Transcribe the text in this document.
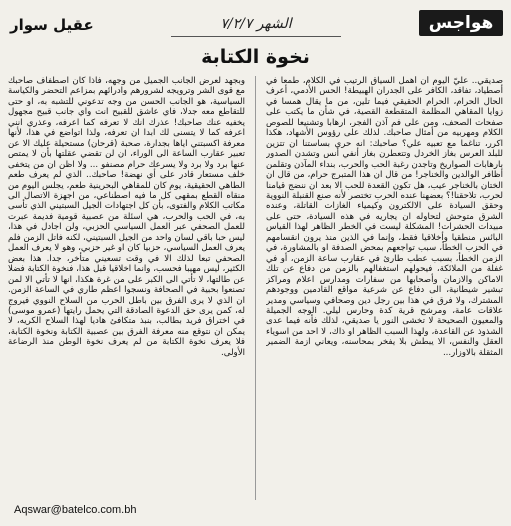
هواجس
الشهر ٧/٢/٧
عقيل سوار
نخوة الكتابة

صديقي.. عليّ اليوم أن أهمل السياق الرتيب في الكلام، طمعا في أصطياد، تفاقد، الكافر على الجدران الهبيطة! الحس الأدمي، أعرف الحال الحرام، الحرام الحقيقي فيما تلين، من ما يقال همسا في زوايا المقاهي المظلمة المتقطعة القصية، في شأن ما يكتب على صفحات الصحف، ومن على فم آذن الفجر، ارهابا وتشنيعا للصوص الكلام ومهربيه من أمثال صاحبك. لذلك على رؤوس الأشهاد، هكذا اكرر، تناغما مع تعبيه علي؟ صاحبك: انه حري بساستنا ان تتزين للبلد العرس بغاز الخردل وتتعطرن بغاز أنفي أنس وتشدن الصدور بارهابات الصواريخ وتاجدن رغبة الحب والحرب، بنداء المآذن وتقلمن أظافر الوالدين والخناجر! من قال ان هذا المتبرج حرام، من قال ان الختان بالخناجر عيب، هل تكون القعدة للحب الا بعد ان ننضج قيامنا لحرب، تلاحقنا!؟ بعضهنا عنده الحرب تختصر لأنه صنع القنبلة النووية وحقق السيادة على الالكترون وكيمياء الغازات القاتلة، وعنده الشرق متوحش لتحاوله ان يجاريه في هذه السيادة، حتى على مبيدات الحشرات! المشكلة ليست في الخطر الظاهر لهذا القياس البائس منطقيا وأخلاقيا فقط، وإنما في الذين منذ يرون انقسامهم في الحزب الخطأ، سبب تواجعهم بمحض الصدفة او بالمشاورة، في الزمن الخطأ، بسبب عطب طارئ في عقارب ساعة الزمن، أو في غفلة من الملائكة، فيحولهم استغفالهم بالزمن من دفاع عن تلك الاماكن والازمان وأصحابها من سفارات ومدارس اعلام ومراكز تبشير شيطانية، الى دفاع عن شرعية مواقع القادمين ووجودهم المشترك، ولا فرق في هذا بين رجل دين وصحافي وسياسي ومدير علاقات عامة، ومرشح قرية كدة وحارس ليلي. الوجه الجميلة والمعيون الصحيحة لا تخشى النور يا صديقي، لذلك فأنه فيما عدى الشذوذ عن القاعدة، ولهذا السبب الظاهر او ذاك، لا احد من اسوياء العقل والنفس، الا يبطش بلا يفخر بمحاسنه، ويعاني ازمة الضمير المثقلة بالاوزار...

وبجهد لعرض الجانب الجميل من وجهه، فاذا كان اصطفاف صاحبك مع قوى الشر وترويجه لشرورهم وادرائهم بمزاعم التحضر والكياسة السياسية، هو الجانب الحسن من وجه تدعوني للتشبه به، او حتى للتقاطع معه جدلا، فاي عاشق للقبيح انت واي جانب قبيح مجهول يخفيه عنك صاحبك! عذرك انك لا تعرفه كما اعرفه، وعذري انني اعرفه كما لا يتسنى لك ابدا ان تعرفه، ولذا اتواضع في هذا، لأنها معرفة اكسبتني اياها بجدارة، صحبة (قرحان) مستحيلة عليك الا عن تعبير عقارب الساعة الى الوراء، ان لن تقضي عقلتها بأن لا يمتص عنها برد ولا برد ولا يسرعك حرام مصنفو ... ولا اظن ان من يتخفى خلف مستعار قادر على أي نهضة! صاحبك.. الذي لم يعرف طعم الطاهي الحقيقية، يوم كان للمقاهي البحرينية طعم، يجلس اليوم من منقاه القطع بمقهى كل ما فيه اصطناعي، من اجهزة الاتصال الى مكاتب الكلام والفتوى، بأن كل اجتهادات الجيل السبتيني الذي تأسى به، في الحب والحرب، هي اسئلة من عصبية قومية فديمة عبرت للعمل الصحفي عبر العمل السياسي الحزبي، ولن اجادل في هذا، ليس حبا باقي لسان واحد من الجيل السبتيني، لكنه فاتل الزمن فلم يعرف العمل السياسي، حزبيا كان او غير حزبي، وهو لا يعرف العمل الصحفي تبعا لذلك الا في وقت تسعيني متأخر، جدا. هذا بعض الكثير، ليس مهيبا فحسب، وانما اخلاقيا قبل هذا، فنخوة الكتابة فضلا عن طالتها، لا تأتي الى الكبر على من غرة هكذا، انها لا تأتي الا لمن تصنعوا بحبية في الصحافة ونسجوا اعظم طاري في الساعة الزمن. ان الذي لا يرى الفرق بين باطل الحرب من السلاح النووي فيروج له، كمن يرى حق الدعوة الصادقة التي يحمل رايتها (عمرو موسى) في اختراق فريد بطالب، بنبذ متكافئ هاديا لهذا السلاح الكريه، لا يمكن ان نتوقع منه معرفة الفرق بين عصبية الكتابة ونخوة الكتابة، فلا يعرف نخوة الكتابة من لم يعرف نخوة الوطن منذ الرضاعة الأولى.

Aqswar@batelco.com.bh
